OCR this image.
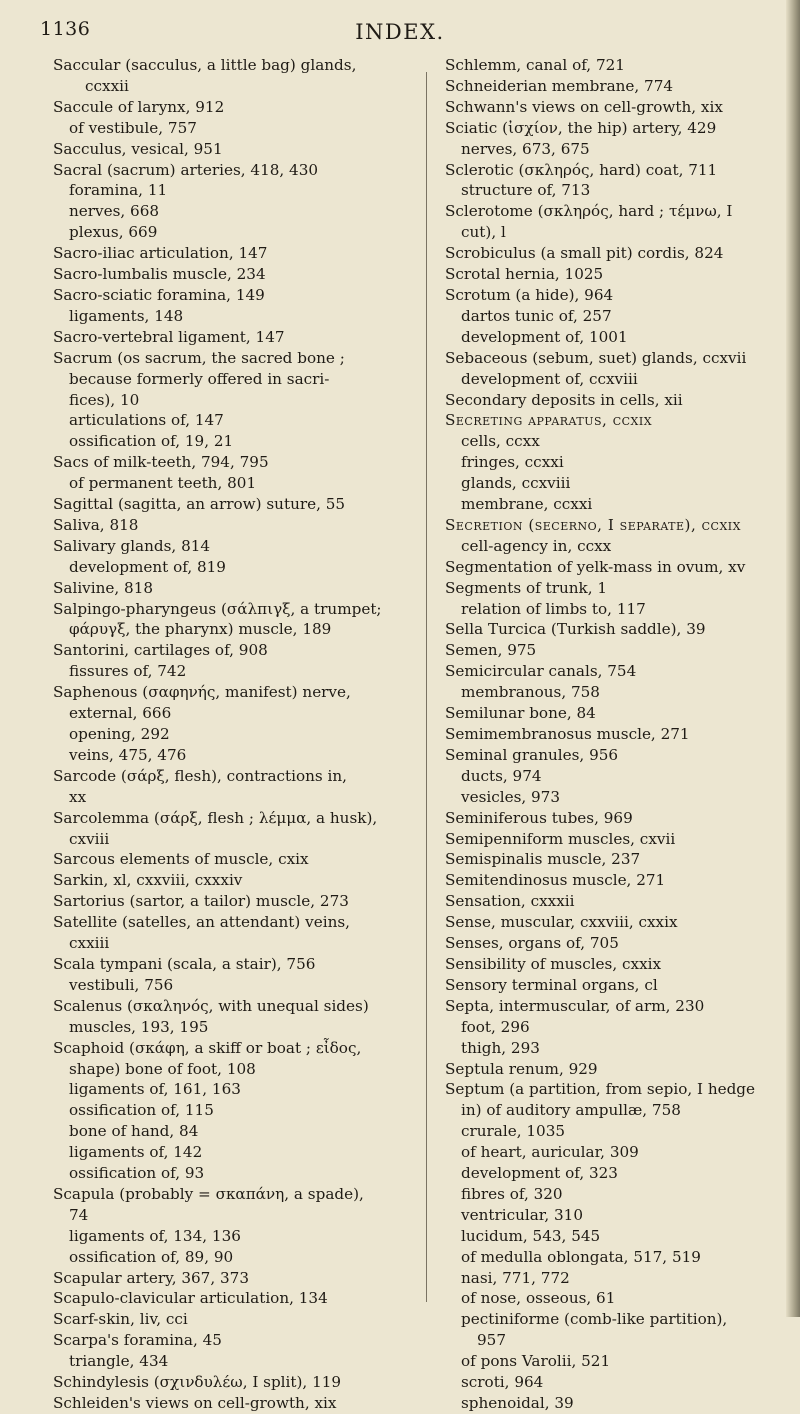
1136	INDEX.

Saccular (sacculus, a little bag) glands,

ccxxii

Saccule of larynx, 912

of vestibule, 757

Sacculus, vesical, 951

Sacral (sacrum) arteries, 418, 430

foramina, 11

nerves, 668

plexus, 669

Sacro-iliac articulation, 147

Sacro-lumbalis muscle, 234

Sacro-sciatic foramina, 149

ligaments, 148

Sacro-vertebral ligament, 147

Sacrum (os sacrum, the sacred bone ;

because formerly offered in sacri-

fices), 10

articulations of, 147

ossification of, 19, 21

Sacs of milk-teeth, 794, 795

of permanent teeth, 801

Sagittal (sagitta, an arrow) suture, 55

Saliva, 818

Salivary glands, 814

development of, 819

Salivine, 818

Salpingo-pharyngeus (σάλπιγξ, a trumpet;

φάρυγξ, the pharynx) muscle, 189

Santorini, cartilages of, 908

fissures of, 742

Saphenous (σαφηνής, manifest) nerve,

external, 666

opening, 292

veins, 475, 476

Sarcode (σάρξ, flesh), contractions in,

xx

Sarcolemma (σάρξ, flesh ; λέμμα, a husk),

cxviii

Sarcous elements of muscle, cxix

Sarkin, xl, cxxviii, cxxxiv

Sartorius (sartor, a tailor) muscle, 273

Satellite (satelles, an attendant) veins,

cxxiii

Scala tympani (scala, a stair), 756

vestibuli, 756

Scalenus (σκαληνός, with unequal sides)

muscles, 193, 195

Scaphoid (σκάφη, a skiff or boat ; εἶδος,

shape) bone of foot, 108

ligaments of, 161, 163

ossification of, 115

bone of hand, 84

ligaments of, 142

ossification of, 93

Scapula (probably = σκαπάνη, a spade),

74

ligaments of, 134, 136

ossification of, 89, 90

Scapular artery, 367, 373

Scapulo-clavicular articulation, 134

Scarf-skin, liv, cci

Scarpa's foramina, 45

triangle, 434

Schindylesis (σχινδυλέω, I split), 119

Schleiden's views on cell-growth, xix

Schlemm, canal of, 721

Schneiderian membrane, 774

Schwann's views on cell-growth, xix

Sciatic (ἰσχίον, the hip) artery, 429

nerves, 673, 675

Sclerotic (σκληρός, hard) coat, 711

structure of, 713

Sclerotome (σκληρός, hard ; τέμνω, I

cut), l

Scrobiculus (a small pit) cordis, 824

Scrotal hernia, 1025

Scrotum (a hide), 964

dartos tunic of, 257

development of, 1001

Sebaceous (sebum, suet) glands, ccxvii

development of, ccxviii

Secondary deposits in cells, xii

Secreting apparatus, ccxix

cells, ccxx

fringes, ccxxi

glands, ccxviii

membrane, ccxxi

Secretion (secerno, I separate), ccxix

cell-agency in, ccxx

Segmentation of yelk-mass in ovum, xv

Segments of trunk, 1

relation of limbs to, 117

Sella Turcica (Turkish saddle), 39

Semen, 975

Semicircular canals, 754

membranous, 758

Semilunar bone, 84

Semimembranosus muscle, 271

Seminal granules, 956

ducts, 974

vesicles, 973

Seminiferous tubes, 969

Semipenniform muscles, cxvii

Semispinalis muscle, 237

Semitendinosus muscle, 271

Sensation, cxxxii

Sense, muscular, cxxviii, cxxix

Senses, organs of, 705

Sensibility of muscles, cxxix

Sensory terminal organs, cl

Septa, intermuscular, of arm, 230

foot, 296

thigh, 293

Septula renum, 929

Septum (a partition, from sepio, I hedge

in) of auditory ampullæ, 758

crurale, 1035

of heart, auricular, 309

development of, 323

fibres of, 320

ventricular, 310

lucidum, 543, 545

of medulla oblongata, 517, 519

nasi, 771, 772

of nose, osseous, 61

pectiniforme (comb-like partition),

957

of pons Varolii, 521

scroti, 964

sphenoidal, 39
